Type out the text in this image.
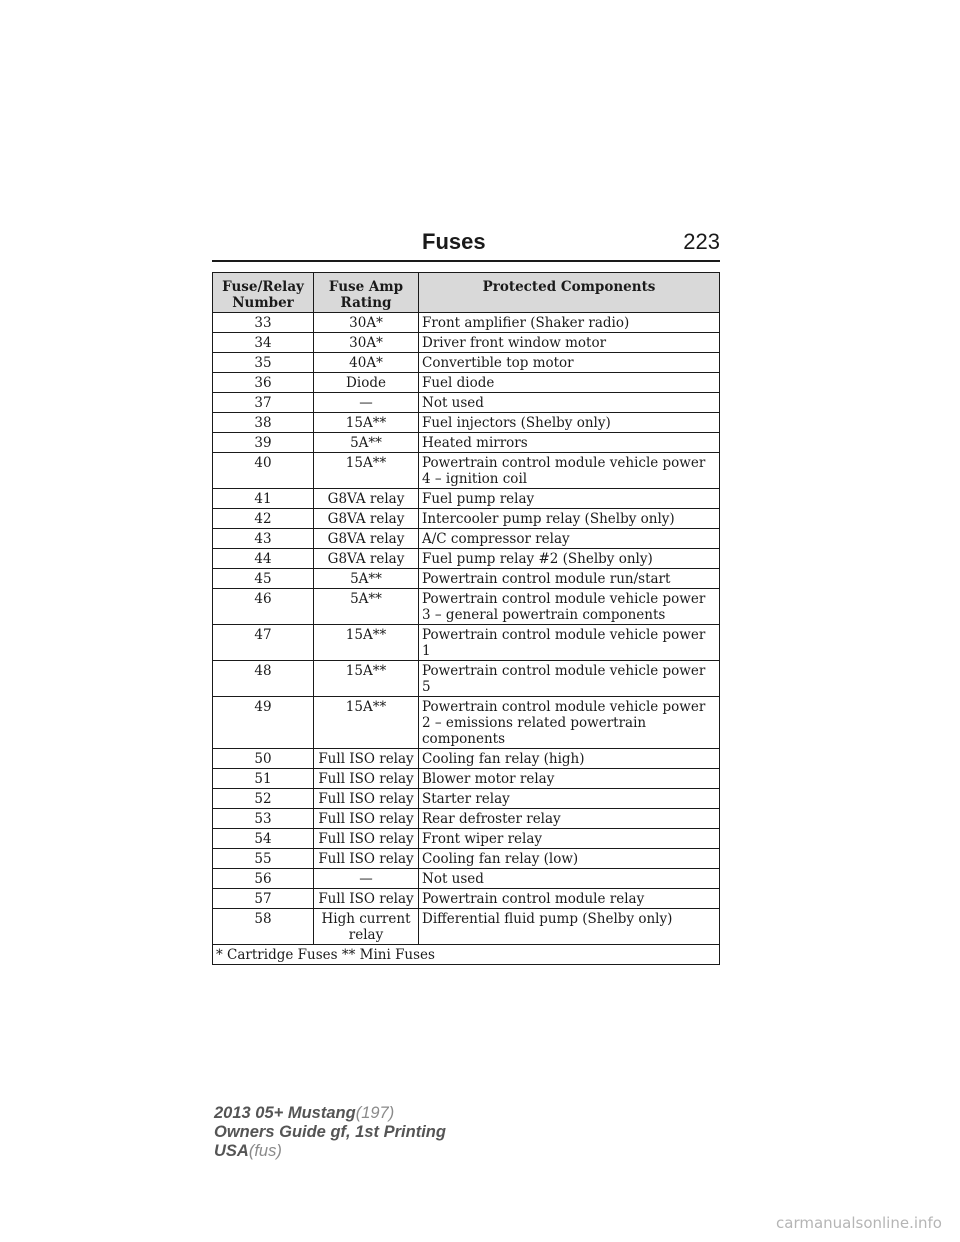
Fuses	223
Fuse/Relay Number	Fuse Amp Rating	Protected Components
33	30A*	Front amplifier (Shaker radio)
34	30A*	Driver front window motor
35	40A*	Convertible top motor
36	Diode	Fuel diode
37	—	Not used
38	15A**	Fuel injectors (Shelby only)
39	5A**	Heated mirrors
40	15A**	Powertrain control module vehicle power 4 – ignition coil
41	G8VA relay	Fuel pump relay
42	G8VA relay	Intercooler pump relay (Shelby only)
43	G8VA relay	A/C compressor relay
44	G8VA relay	Fuel pump relay #2 (Shelby only)
45	5A**	Powertrain control module run/start
46	5A**	Powertrain control module vehicle power 3 – general powertrain components
47	15A**	Powertrain control module vehicle power 1
48	15A**	Powertrain control module vehicle power 5
49	15A**	Powertrain control module vehicle power 2 – emissions related powertrain components
50	Full ISO relay	Cooling fan relay (high)
51	Full ISO relay	Blower motor relay
52	Full ISO relay	Starter relay
53	Full ISO relay	Rear defroster relay
54	Full ISO relay	Front wiper relay
55	Full ISO relay	Cooling fan relay (low)
56	—	Not used
57	Full ISO relay	Powertrain control module relay
58	High current relay	Differential fluid pump (Shelby only)
* Cartridge Fuses ** Mini Fuses		
2013 05+ Mustang(197)
Owners Guide gf, 1st Printing
USA(fus)
carmanualsonline.info
